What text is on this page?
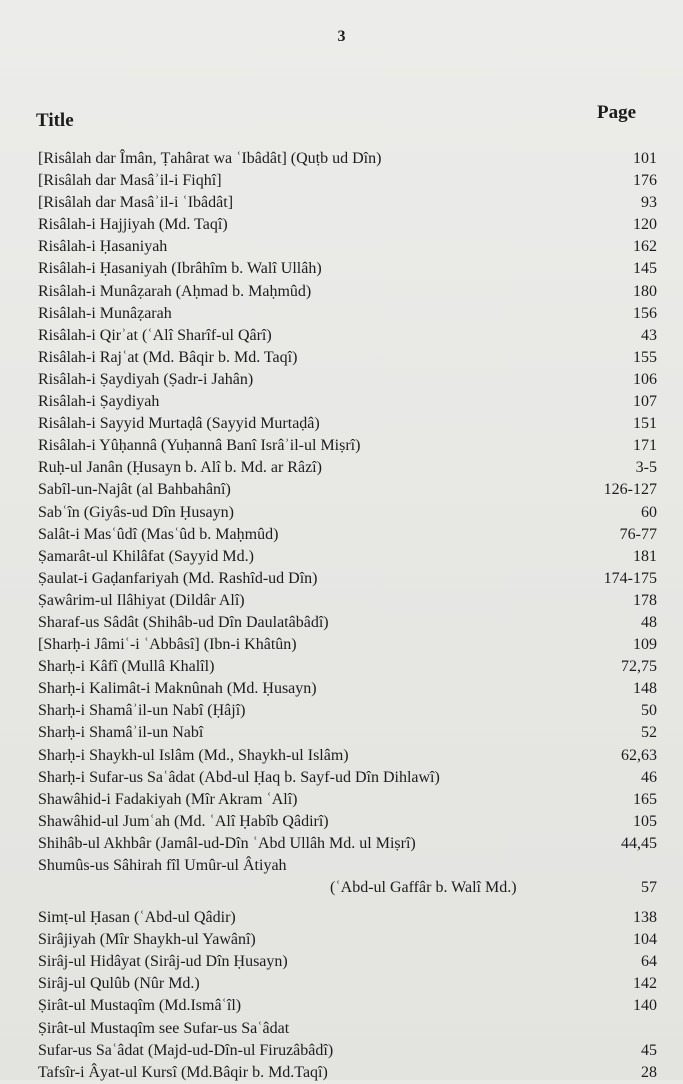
3
Title	Page
[Risâlah dar Îmân, Ṭahârat wa ʿIbâdât] (Quṭb ud Dîn)	101
[Risâlah dar Masâʾil-i Fiqhî]	176
[Risâlah dar Masâʾil-i ʿIbâdât]	93
Risâlah-i Hajjiyah (Md. Taqî)	120
Risâlah-i Ḥasaniyah	162
Risâlah-i Ḥasaniyah (Ibrâhîm b. Walî Ullâh)	145
Risâlah-i Munâẓarah (Aḥmad b. Maḥmûd)	180
Risâlah-i Munâẓarah	156
Risâlah-i Qirʾat (ʿAlî Sharîf-ul Qârî)	43
Risâlah-i Rajʿat (Md. Bâqir b. Md. Taqî)	155
Risâlah-i Ṣaydiyah (Ṣadr-i Jahân)	106
Risâlah-i Ṣaydiyah	107
Risâlah-i Sayyid Murtaḍâ (Sayyid Murtaḍâ)	151
Risâlah-i Yûḥannâ (Yuḥannâ Banî Isrâʾil-ul Miṣrî)	171
Ruḥ-ul Janân (Ḥusayn b. Alî b. Md. ar Râzî)	3-5
Sabîl-un-Najât (al Bahbahânî)	126-127
Sabʿîn (Giyâs-ud Dîn Ḥusayn)	60
Salât-i Masʿûdî (Masʿûd b. Maḥmûd)	76-77
Ṣamarât-ul Khilâfat (Sayyid Md.)	181
Ṣaulat-i Gaḍanfariyah (Md. Rashîd-ud Dîn)	174-175
Ṣawârim-ul Ilâhiyat (Dildâr Alî)	178
Sharaf-us Sâdât (Shihâb-ud Dîn Daulatâbâdî)	48
[Sharḥ-i Jâmiʿ-i ʿAbbâsî] (Ibn-i Khâtûn)	109
Sharḥ-i Kâfî (Mullâ Khalîl)	72,75
Sharḥ-i Kalimât-i Maknûnah (Md. Ḥusayn)	148
Sharḥ-i Shamâʾil-un Nabî (Ḥâjî)	50
Sharḥ-i Shamâʾil-un Nabî	52
Sharḥ-i Shaykh-ul Islâm (Md., Shaykh-ul Islâm)	62,63
Sharḥ-i Sufar-us Saʿâdat (Abd-ul Ḥaq b. Sayf-ud Dîn Dihlawî)	46
Shawâhid-i Fadakiyah (Mîr Akram ʿAlî)	165
Shawâhid-ul Jumʿah (Md. ʿAlî Ḥabîb Qâdirî)	105
Shihâb-ul Akhbâr (Jamâl-ud-Dîn ʿAbd Ullâh Md. ul Miṣrî)	44,45
Shumûs-us Sâhirah fîl Umûr-ul Âtiyah
(ʿAbd-ul Gaffâr b. Walî Md.)	57
Simṭ-ul Ḥasan (ʿAbd-ul Qâdir)	138
Sirâjiyah (Mîr Shaykh-ul Yawânî)	104
Sirâj-ul Hidâyat (Sirâj-ud Dîn Ḥusayn)	64
Sirâj-ul Qulûb (Nûr Md.)	142
Ṣirât-ul Mustaqîm (Md.Ismâʿîl)	140
Ṣirât-ul Mustaqîm see Sufar-us Saʿâdat
Sufar-us Saʿâdat (Majd-ud-Dîn-ul Firuzâbâdî)	45
Tafsîr-i Âyat-ul Kursî (Md.Bâqir b. Md.Taqî)	28
